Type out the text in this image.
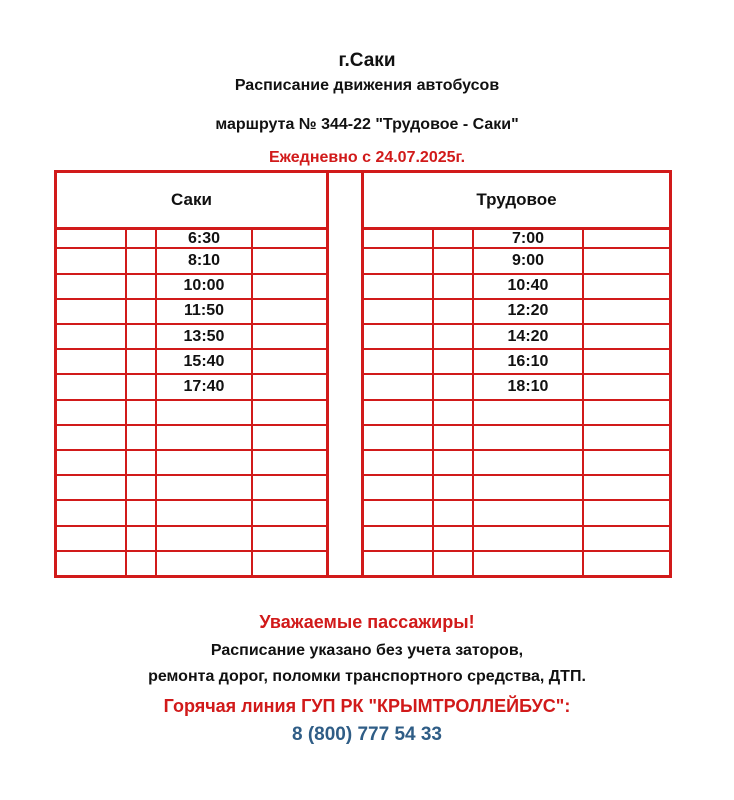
г.Саки
Расписание движения автобусов
маршрута № 344-22 "Трудовое - Саки"
Ежедневно с 24.07.2025г.
Саки
6:30
8:10
10:00
11:50
13:50
15:40
17:40
Трудовое
7:00
9:00
10:40
12:20
14:20
16:10
18:10
Уважаемые пассажиры!
Расписание указано без учета заторов,
ремонта дорог, поломки транспортного средства, ДТП.
Горячая линия ГУП РК "КРЫМТРОЛЛЕЙБУС":
8 (800) 777 54 33
